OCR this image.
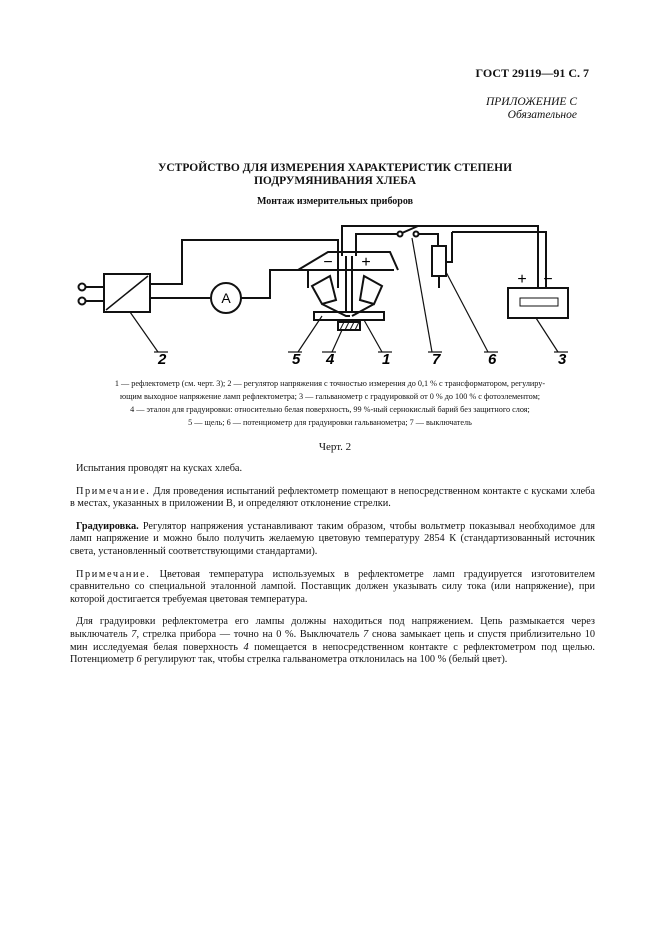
ГОСТ 29119—91 С. 7
ПРИЛОЖЕНИЕ С
Обязательное
УСТРОЙСТВО ДЛЯ ИЗМЕРЕНИЯ ХАРАКТЕРИСТИК СТЕПЕНИ
ПОДРУМЯНИВАНИЯ ХЛЕБА
Монтаж измерительных приборов
A
− +
+ −
2	5 4	1	7	6	3
1 — рефлектометр (см. черт. 3); 2 — регулятор напряжения с точностью измерения до 0,1 % с трансформатором, регулиру-
ющим выходное напряжение ламп рефлектометра; 3 — гальванометр с градуировкой от 0 % до 100 % с фотоэлементом;
4 — эталон для градуировки: относительно белая поверхность, 99 %-ный сернокислый барий без защитного слоя;
5 — щель; 6 — потенциометр для градуировки гальванометра; 7 — выключатель
Черт. 2

Испытания проводят на кусках хлеба.

Примечание. Для проведения испытаний рефлектометр помещают в непосредственном контакте с кусками хлеба в местах, указанных в приложении В, и определяют отклонение стрелки.

Градуировка. Регулятор напряжения устанавливают таким образом, чтобы вольтметр показывал необходимое для ламп напряжение и можно было получить желаемую цветовую температуру 2854 К (стандартизованный источник света, установленный соответствующими стандартами).

Примечание. Цветовая температура используемых в рефлектометре ламп градуируется изготовителем сравнительно со специальной эталонной лампой. Поставщик должен указывать силу тока (или напряжение), при которой достигается требуемая цветовая температура.

Для градуировки рефлектометра его лампы должны находиться под напряжением. Цепь размыкается через выключатель 7, стрелка прибора — точно на 0 %. Выключатель 7 снова замыкает цепь и спустя приблизительно 10 мин исследуемая белая поверхность 4 помещается в непосредственном контакте с рефлектометром под щелью. Потенциометр 6 регулируют так, чтобы стрелка гальванометра отклонилась на 100 % (белый цвет).
